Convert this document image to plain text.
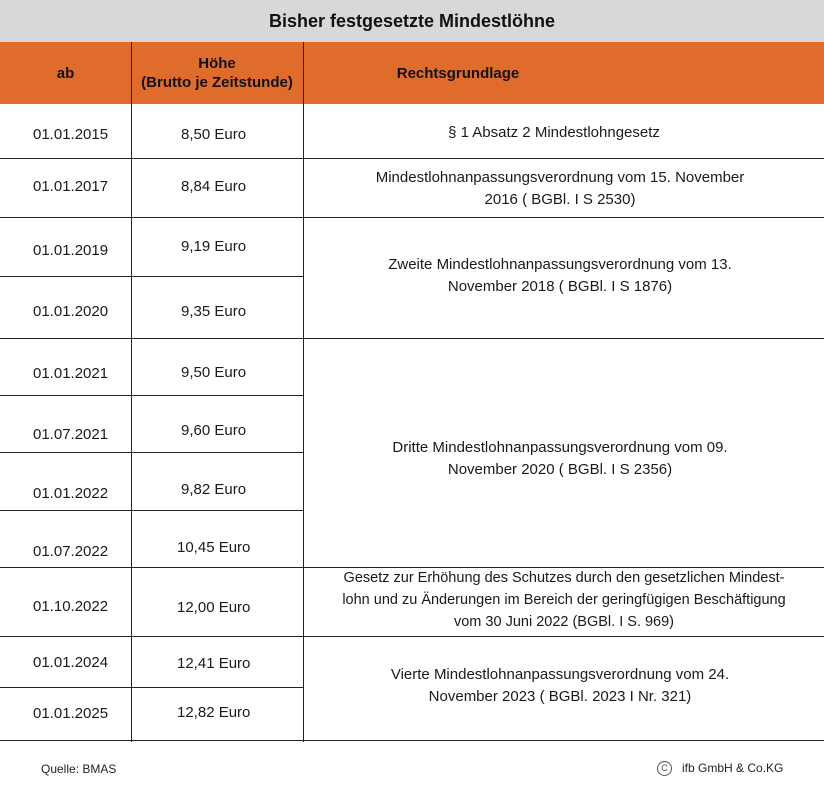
Bisher festgesetzte Mindestlöhne
ab
Höhe
(Brutto je Zeitstunde)
Rechtsgrundlage
01.01.2015
01.01.2017
01.01.2019
01.01.2020
01.01.2021
01.07.2021
01.01.2022
01.07.2022
01.10.2022
01.01.2024
01.01.2025
8,50 Euro
8,84 Euro
9,19 Euro
9,35 Euro
9,50 Euro
9,60 Euro
9,82 Euro
10,45 Euro
12,00 Euro
12,41 Euro
12,82 Euro
§ 1 Absatz 2 Mindestlohngesetz
Mindestlohnanpassungsverordnung vom 15. November
2016 ( BGBl. I S 2530)
Zweite Mindestlohnanpassungsverordnung vom 13.
November 2018 ( BGBl. I S 1876)
Dritte Mindestlohnanpassungsverordnung vom 09.
November 2020 ( BGBl. I S 2356)
Gesetz zur Erhöhung des Schutzes durch den gesetzlichen Mindest-
lohn und zu Änderungen im Bereich der geringfügigen Beschäftigung
vom 30 Juni 2022 (BGBl. I S. 969)
Vierte Mindestlohnanpassungsverordnung vom 24.
November 2023 ( BGBl. 2023 I Nr. 321)
Quelle: BMAS	C ifb GmbH & Co.KG
